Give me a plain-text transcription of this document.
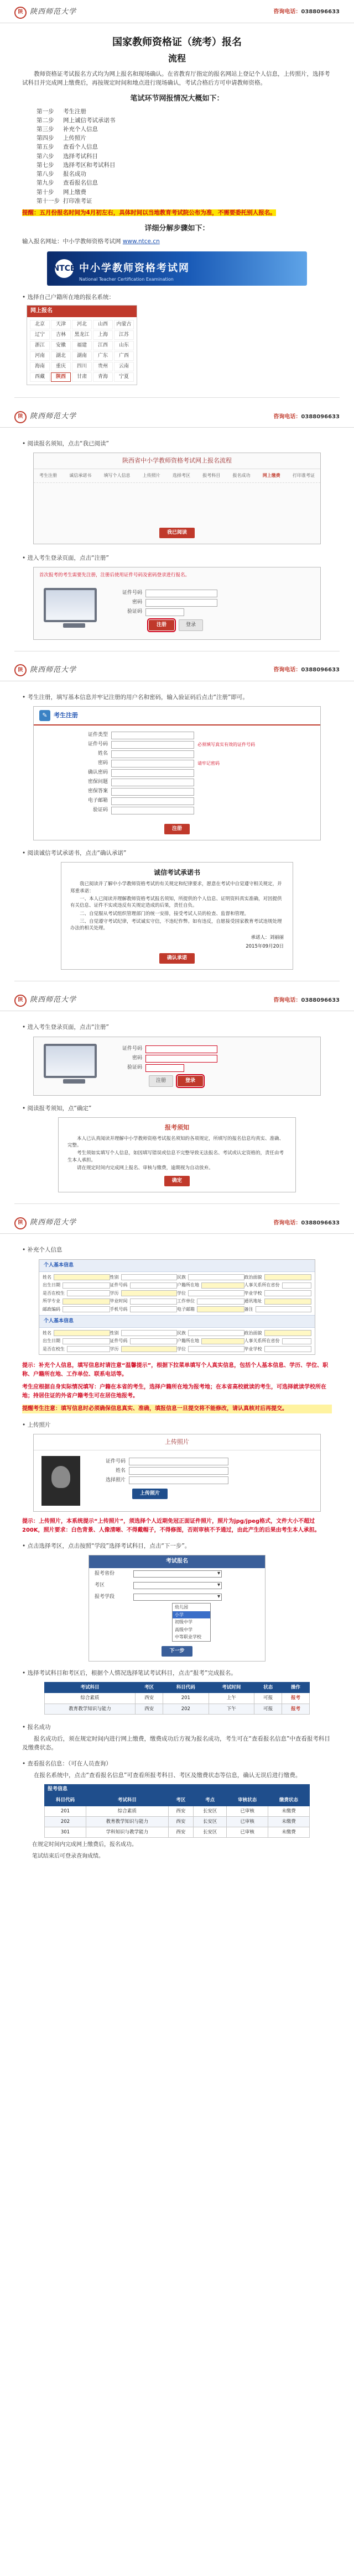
陕 陕西师范大学	咨询电话：0388096633
国家教师资格证（统考）报名
流程

教师资格证考试报名方式均为网上报名和现场确认。在省教育厅指定的报名网站上登记个人信息，上传照片，选择考试科目并完成网上缴费后，再按规定时间和地点进行现场确认，考试合格后方可申请教师资格。

笔试环节网报情况大概如下：
第一步	考生注册
第二步	网上诚信考试承诺书
第三步	补充个人信息
第四步	上传照片
第五步	查看个人信息
第六步	选择考试科目
第七步	选择考区和考试科目
第八步	报名成功
第九步	查看报名信息
第十步	网上缴费
第十一步 打印准考证

提醒：五月份报名时间为4月初左右，具体时间以当地教育考试院公布为准，不需要委托别人报名。

详细分解步骤如下：

输入报名网址：中小学教师资格考试网 www.ntce.cn

NTCE 中小学教师资格考试网
National Teacher Certification Examination

• 选择自己户籍所在地的报名系统：

网上报名
北京	天津	河北	山西	内蒙古
辽宁	吉林	黑龙江	上海	江苏
浙江	安徽	福建	江西	山东
河南	湖北	湖南	广东	广西
海南	重庆	四川	贵州	云南
西藏	陕西	甘肃	青海	宁夏
陕 陕西师范大学	咨询电话：0388096633

• 阅读报名须知，点击“我已阅读”

陕西省中小学教师资格考试网上报名流程
考生注册	诚信承诺书	填写个人信息	上传照片	选择考区	报考科目	报名成功	网上缴费	打印准考证
我已阅读

• 进入考生登录页面，点击“注册”

首次报考的考生需要先注册，注册后使用证件号码及密码登录进行报名。
证件号码
密码
验证码
注册	登录
陕 陕西师范大学	咨询电话：0388096633

• 考生注册，填写基本信息并牢记注册的用户名和密码，输入验证码后点击“注册”即可。

✎	考生注册
证件类型
证件号码	必须填写真实有效的证件号码
姓名
密码	请牢记密码
确认密码
密保问题
密保答案
电子邮箱
验证码
注册

• 阅读诚信考试承诺书，点击“确认承诺”

诚信考试承诺书

我已阅读并了解中小学教师资格考试的有关规定和纪律要求，愿意在考试中自觉遵守相关规定，并郑重承诺：

一、本人已阅读并理解教师资格考试报名须知，所提供的个人信息、证明资料真实准确，对因提供有关信息、证件不实或违反有关规定造成的后果，责任自负。

二、自觉服从考试组织管理部门的统一安排，接受考试人员的检查、监督和管理。

三、自觉遵守考试纪律，考试诚实守信，不违纪作弊。如有违反，自愿接受国家教育考试违规处理办法的相关处理。

承诺人：刘丽丽
2015年09月20日
确认承诺
陕 陕西师范大学	咨询电话：0388096633

• 进入考生登录页面，点击“注册”

证件号码
密码
验证码
注册	登录

• 阅读报考须知，点“确定”

报考须知

本人已认真阅读并理解中小学教师资格考试报名须知的各项规定，所填写的报名信息均真实、准确、完整。

考生须如实填写个人信息，如因填写错误或信息不完整导致无法报名、考试或认定资格的，责任由考生本人承担。

请在规定时间内完成网上报名、审核与缴费，逾期视为自动放弃。

确定
陕 陕西师范大学	咨询电话：0388096633

• 补充个人信息

个人基本信息
姓名	性别	民族	政治面貌
出生日期	证件号码	户籍所在地	人事关系所在省份
是否在校生	学历	学位	毕业学校
所学专业	毕业时间	工作单位	通讯地址
邮政编码	手机号码	电子邮箱	备注
个人基本信息
姓名	性别	民族	政治面貌
出生日期	证件号码	户籍所在地	人事关系所在省份
是否在校生	学历	学位	毕业学校

提示：补充个人信息，填写信息时请注意“温馨提示”，根据下拉菜单填写个人真实信息，包括个人基本信息、学历、学位、职称、户籍所在地、工作单位、联系电话等。

考生应根据自身实际情况填写：户籍在本省的考生，选择户籍所在地为报考地；在本省高校就读的考生，可选择就读学校所在地；持居住证的外省户籍考生可在居住地报考。

提醒考生注意：填写信息时必须确保信息真实、准确，填报信息一旦提交将不能修改，请认真核对后再提交。

• 上传照片

上传照片
证件号码
姓名
选择照片
上传照片

提示：上传照片，本系统提示“上传照片”，须选择个人近期免冠正面证件照片，照片为jpg/jpeg格式，文件大小不超过200K，照片要求：白色背景、人像清晰、不得戴帽子，不得修图，否则审核不予通过，由此产生的后果由考生本人承担。

• 点击选择考区，点击按照“学段”选择考试科目，点击“下一步”。

考试报名
报考省份
▾
考区
▾
报考学段
▾
幼儿园
小学
初级中学
高级中学
中等职业学校
下一步

• 选择考试科目和考区后，根据个人情况选择笔试考试科目，点击“报考”完成报名。

考试科目	考区	科目代码	考试时间	状态	操作
综合素质	西安	201	上午	可报	报考
教育教学知识与能力	西安	202	下午	可报	报考

• 报名成功

报名成功后，须在规定时间内进行网上缴费，缴费成功后方视为报名成功，考生可在“查看报名信息”中查看报考科目及缴费状态。

• 查看报名信息：（可在人员查询）

在报名系统中，点击“查看报名信息”可查看所报考科目、考区及缴费状态等信息，确认无误后进行缴费。

报考信息
科目代码	考试科目	考区	考点	审核状态	缴费状态
201	综合素质	西安	长安区	已审核	未缴费
202	教育教学知识与能力	西安	长安区	已审核	未缴费
301	学科知识与教学能力	西安	长安区	已审核	未缴费

在规定时间内完成网上缴费后，报名成功。

笔试结束后可登录查询成绩。
